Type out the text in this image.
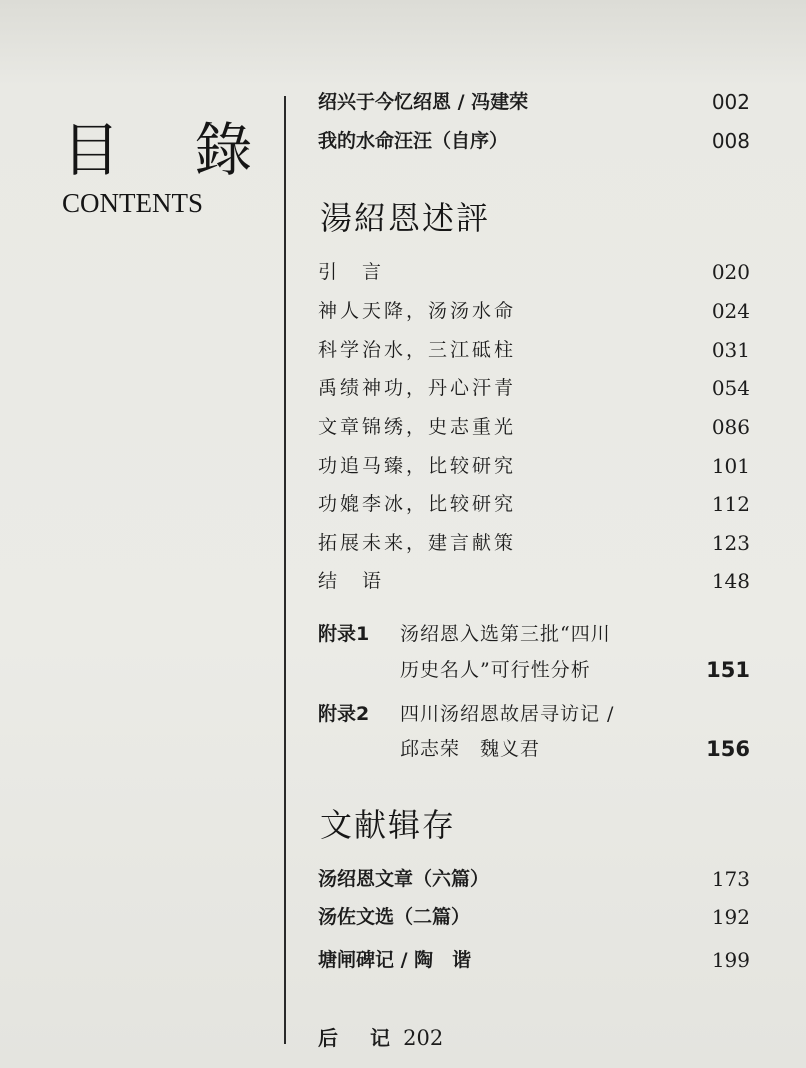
目 錄
CONTENTS
绍兴于今忆绍恩 / 冯建荣	002
我的水命汪汪（自序）	008
湯紹恩述評
引　言	020
神人天降，汤汤水命	024
科学治水，三江砥柱	031
禹绩神功，丹心汗青	054
文章锦绣，史志重光	086
功追马臻，比较研究	101
功媲李冰，比较研究	112
拓展未来，建言献策	123
结　语	148
附录1 汤绍恩入选第三批“四川
历史名人”可行性分析	151
附录2 四川汤绍恩故居寻访记 /
邱志荣　魏义君	156
文献辑存
汤绍恩文章（六篇）	173
汤佐文选（二篇）	192
塘闸碑记 / 陶　谐	199
后　记 202
